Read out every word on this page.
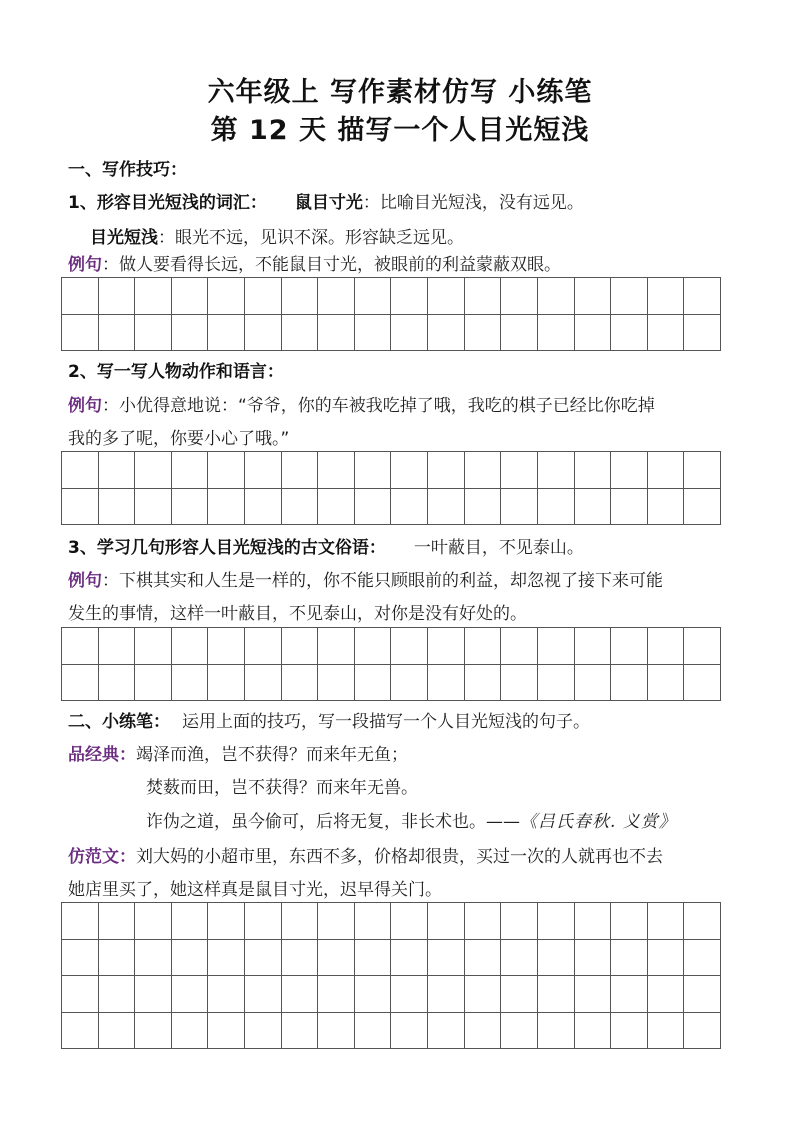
六年级上 写作素材仿写 小练笔
第 12 天 描写一个人目光短浅
一、写作技巧：
1、形容目光短浅的词汇： 鼠目寸光：比喻目光短浅，没有远见。
目光短浅：眼光不远，见识不深。形容缺乏远见。
例句：做人要看得长远，不能鼠目寸光，被眼前的利益蒙蔽双眼。
2、写一写人物动作和语言：
例句：小优得意地说：“爷爷，你的车被我吃掉了哦，我吃的棋子已经比你吃掉
我的多了呢，你要小心了哦。”
3、学习几句形容人目光短浅的古文俗语： 一叶蔽目，不见泰山。
例句：下棋其实和人生是一样的，你不能只顾眼前的利益，却忽视了接下来可能
发生的事情，这样一叶蔽目，不见泰山，对你是没有好处的。
二、小练笔： 运用上面的技巧，写一段描写一个人目光短浅的句子。
品经典：竭泽而渔，岂不获得？而来年无鱼；
焚薮而田，岂不获得？而来年无兽。
诈伪之道，虽今偷可，后将无复，非长术也。——《吕氏春秋. 义赏》
仿范文：刘大妈的小超市里，东西不多，价格却很贵，买过一次的人就再也不去
她店里买了，她这样真是鼠目寸光，迟早得关门。
